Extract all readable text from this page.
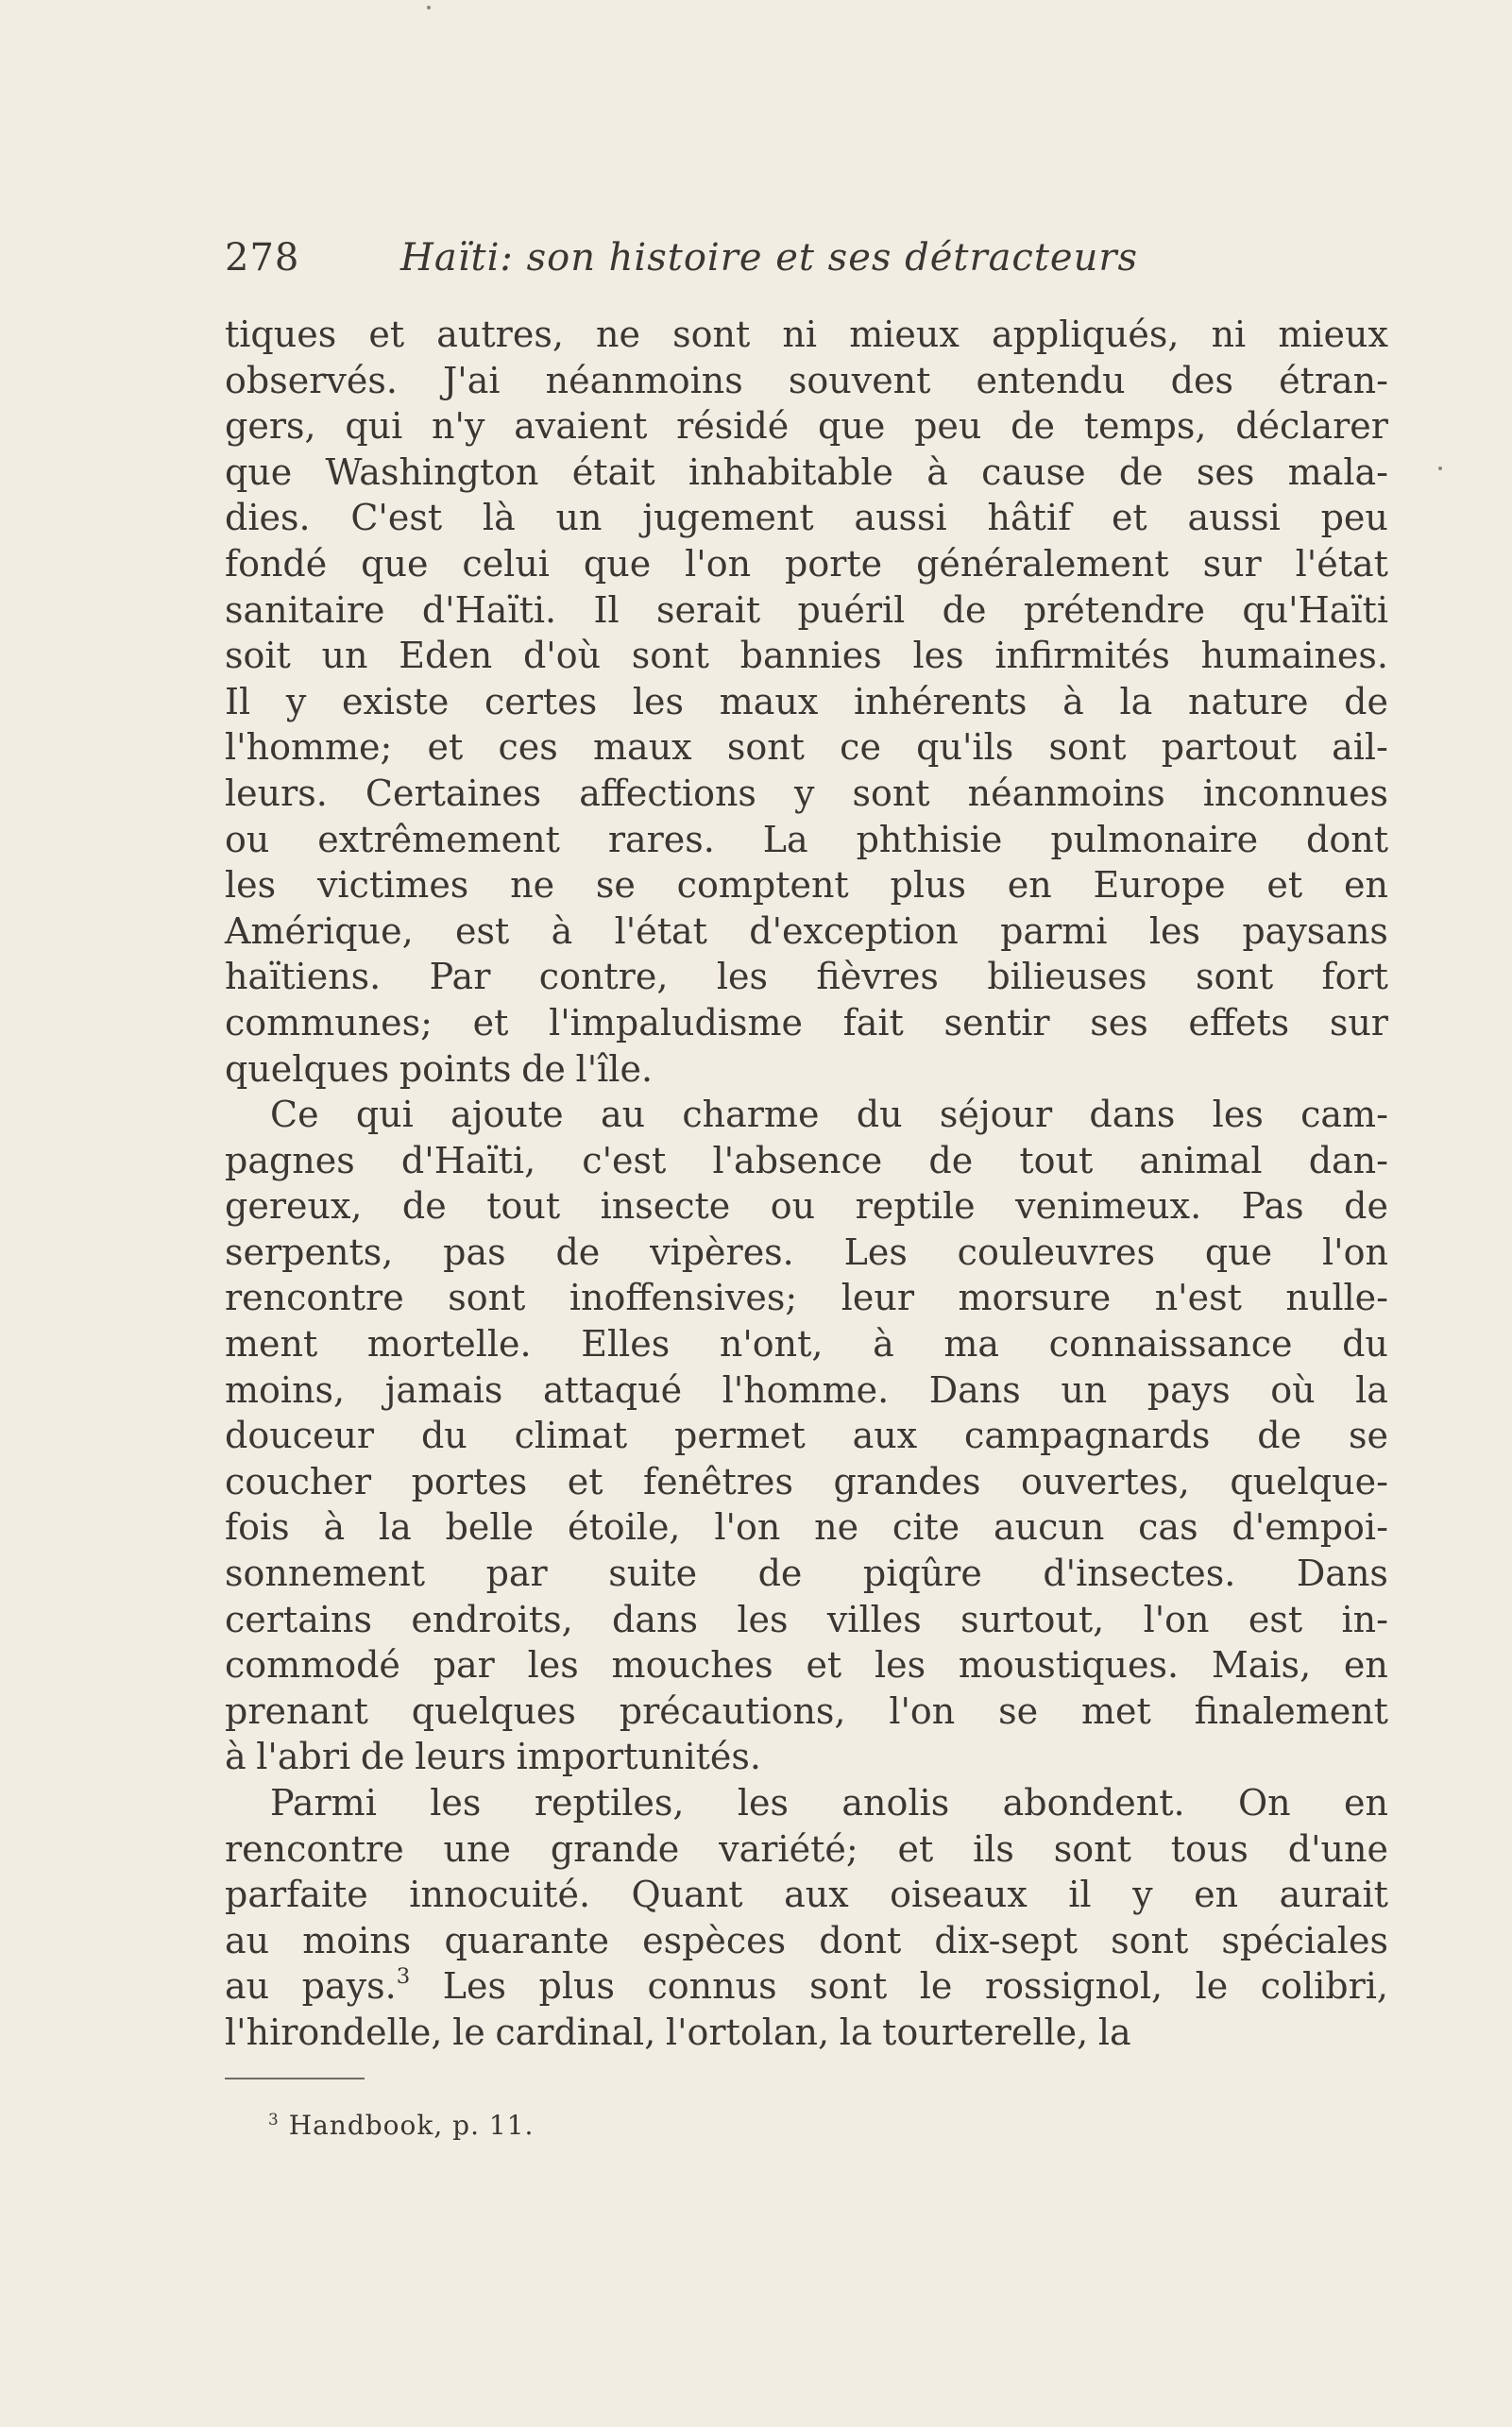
278	Haïti: son histoire et ses détracteurs
tiques et autres, ne sont ni mieux appliqués, ni mieux
observés. J'ai néanmoins souvent entendu des étran-
gers, qui n'y avaient résidé que peu de temps, déclarer
que Washington était inhabitable à cause de ses mala-
dies. C'est là un jugement aussi hâtif et aussi peu
fondé que celui que l'on porte généralement sur l'état
sanitaire d'Haïti. Il serait puéril de prétendre qu'Haïti
soit un Eden d'où sont bannies les infirmités humaines.
Il y existe certes les maux inhérents à la nature de
l'homme; et ces maux sont ce qu'ils sont partout ail-
leurs. Certaines affections y sont néanmoins inconnues
ou extrêmement rares. La phthisie pulmonaire dont
les victimes ne se comptent plus en Europe et en
Amérique, est à l'état d'exception parmi les paysans
haïtiens. Par contre, les fièvres bilieuses sont fort
communes; et l'impaludisme fait sentir ses effets sur
quelques points de l'île.
Ce qui ajoute au charme du séjour dans les cam-
pagnes d'Haïti, c'est l'absence de tout animal dan-
gereux, de tout insecte ou reptile venimeux. Pas de
serpents, pas de vipères. Les couleuvres que l'on
rencontre sont inoffensives; leur morsure n'est nulle-
ment mortelle. Elles n'ont, à ma connaissance du
moins, jamais attaqué l'homme. Dans un pays où la
douceur du climat permet aux campagnards de se
coucher portes et fenêtres grandes ouvertes, quelque-
fois à la belle étoile, l'on ne cite aucun cas d'empoi-
sonnement par suite de piqûre d'insectes. Dans
certains endroits, dans les villes surtout, l'on est in-
commodé par les mouches et les moustiques. Mais, en
prenant quelques précautions, l'on se met finalement
à l'abri de leurs importunités.
Parmi les reptiles, les anolis abondent. On en
rencontre une grande variété; et ils sont tous d'une
parfaite innocuité. Quant aux oiseaux il y en aurait
au moins quarante espèces dont dix-sept sont spéciales
au pays.$^3$ Les plus connus sont le rossignol, le colibri,
l'hirondelle, le cardinal, l'ortolan, la tourterelle, la
$^3$ Handbook, p. 11.
